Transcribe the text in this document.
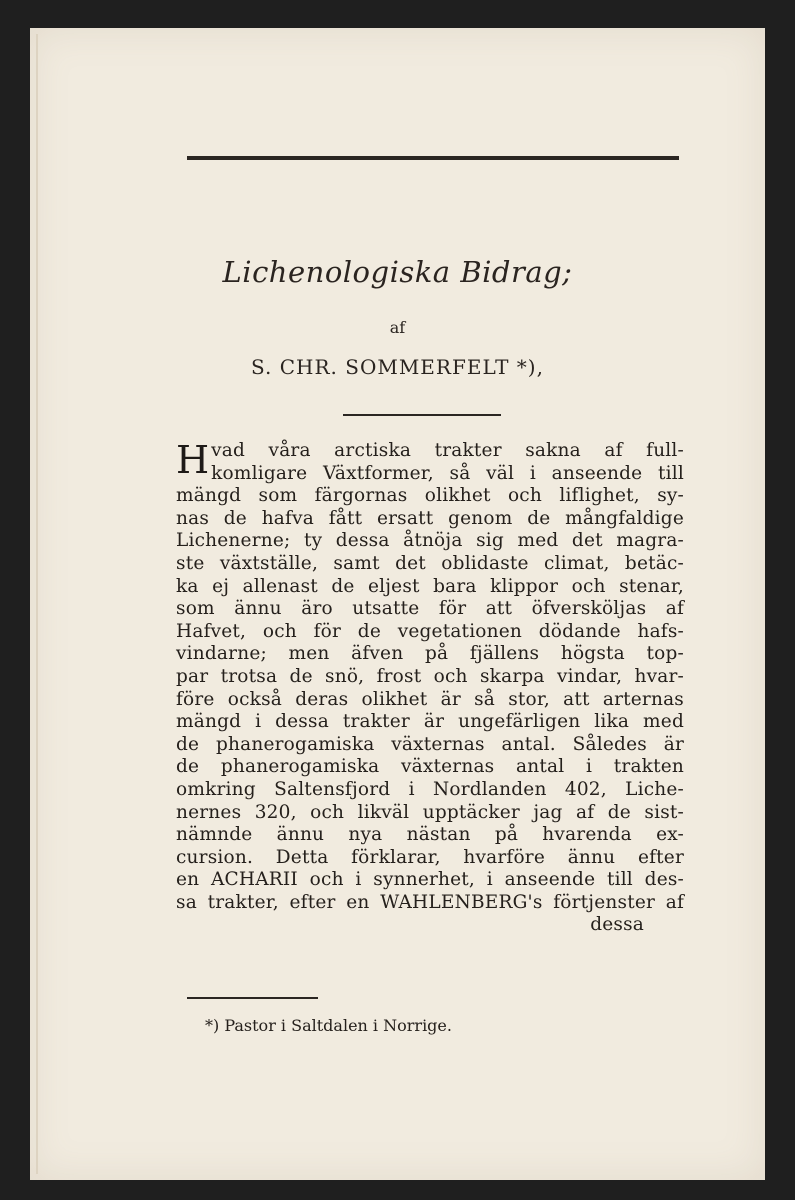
Lichenologiska Bidrag;
af
S. CHR. SOMMERFELT *),
H vad våra arctiska trakter sakna af full-
komligare Växtformer, så väl i anseende till
mängd som färgornas olikhet och liflighet, sy-
nas de hafva fått ersatt genom de mångfaldige
Lichenerne; ty dessa åtnöja sig med det magra-
ste växtställe, samt det oblidaste climat, betäc-
ka ej allenast de eljest bara klippor och stenar,
som ännu äro utsatte för att öfversköljas af
Hafvet, och för de vegetationen dödande hafs-
vindarne; men äfven på fjällens högsta top-
par trotsa de snö, frost och skarpa vindar, hvar-
före också deras olikhet är så stor, att arternas
mängd i dessa trakter är ungefärligen lika med
de phanerogamiska växternas antal. Således är
de phanerogamiska växternas antal i trakten
omkring Saltensfjord i Nordlanden 402, Liche-
nernes 320, och likväl upptäcker jag af de sist-
nämnde ännu nya nästan på hvarenda ex-
cursion. Detta förklarar, hvarföre ännu efter
en ACHARII och i synnerhet, i anseende till des-
sa trakter, efter en WAHLENBERG's förtjenster af
dessa
*) Pastor i Saltdalen i Norrige.
